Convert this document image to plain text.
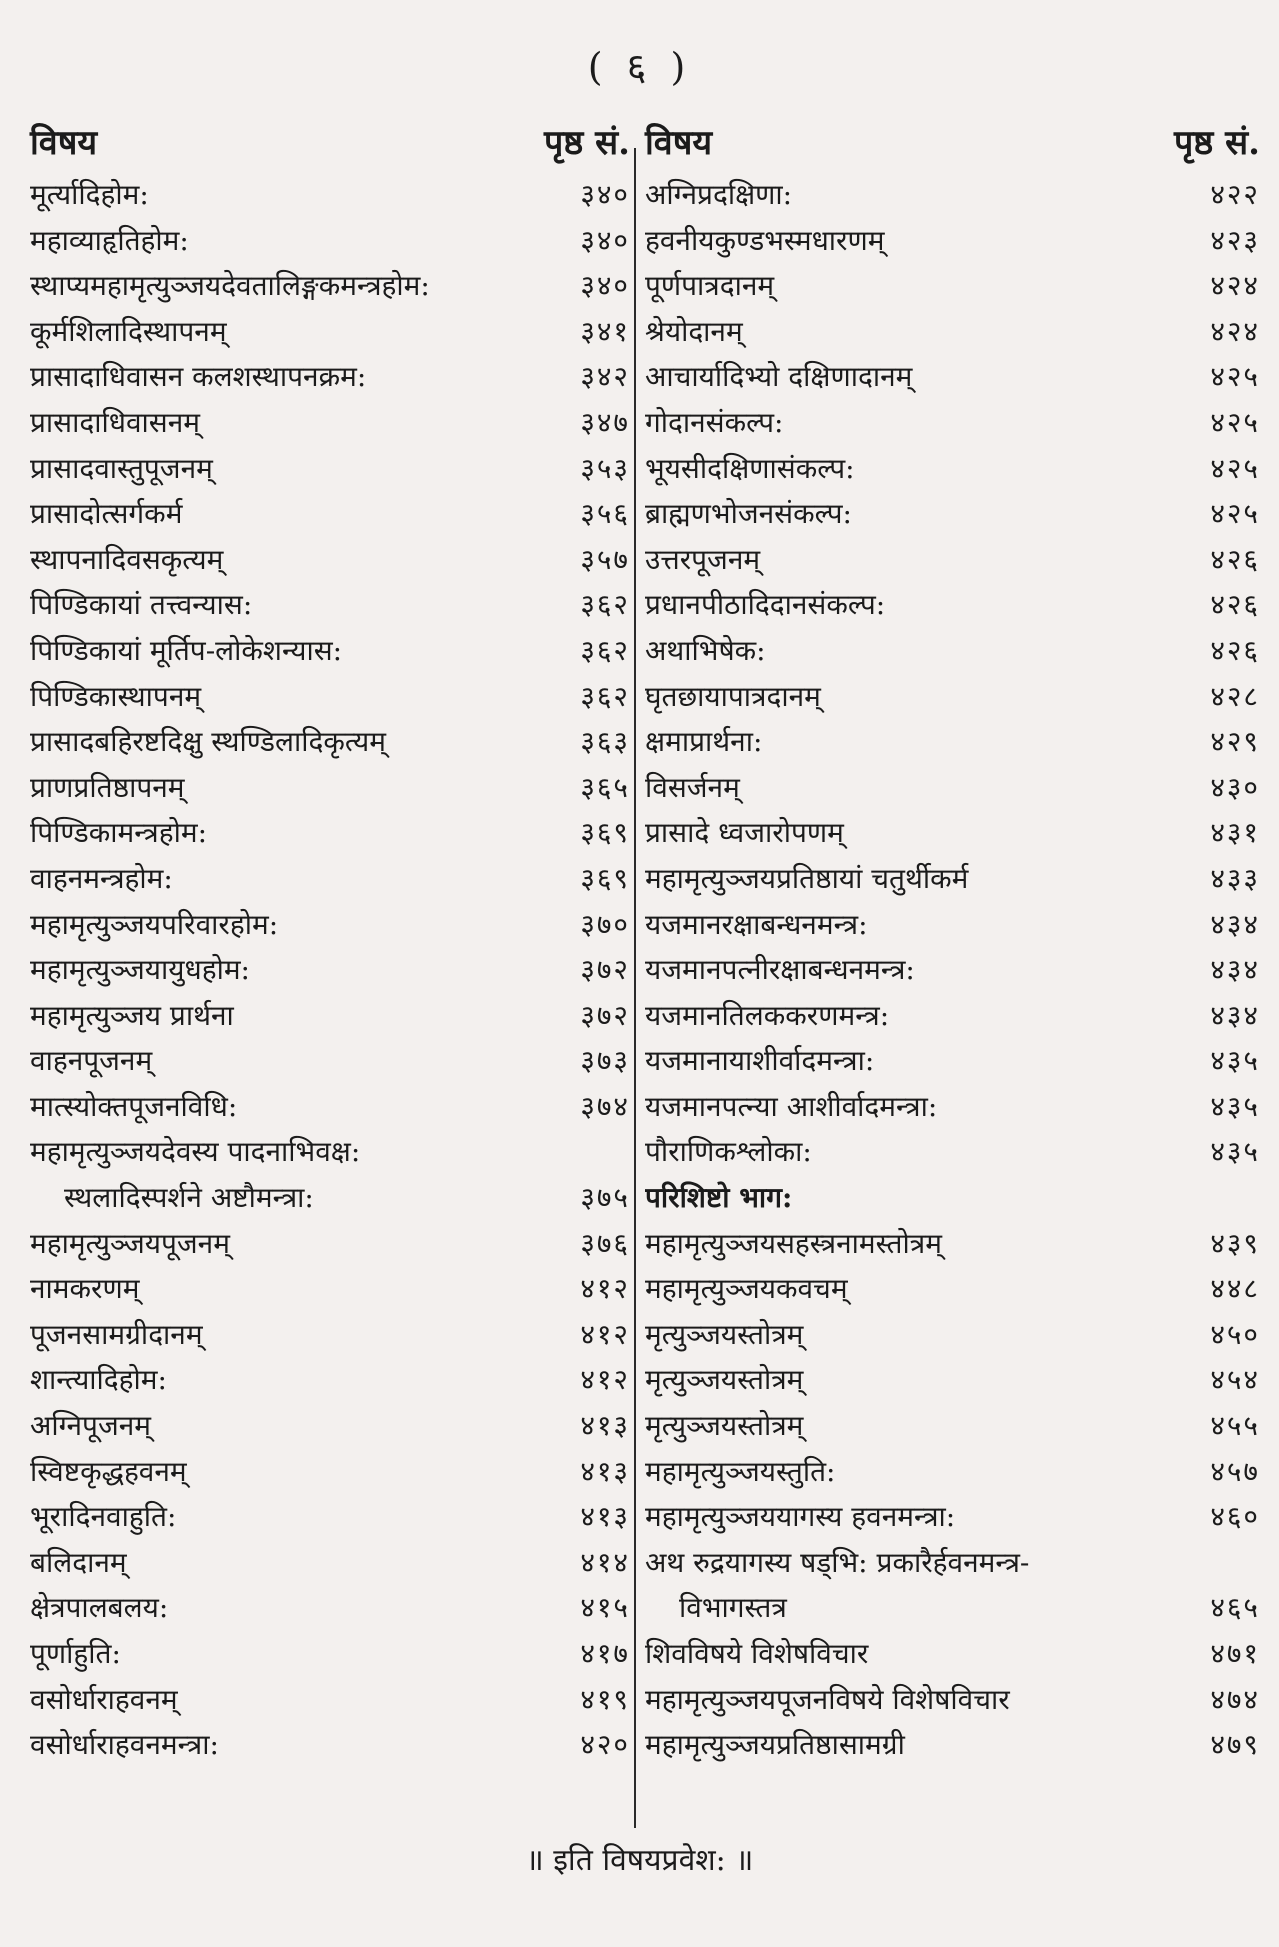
( ६ )
विषय	पृष्ठ सं.
मूर्त्यादिहोम:	३४०
महाव्याहृतिहोम:	३४०
स्थाप्यमहामृत्युञ्जयदेवतालिङ्गकमन्त्रहोम:	३४०
कूर्मशिलादिस्थापनम्	३४१
प्रासादाधिवासन कलशस्थापनक्रम:	३४२
प्रासादाधिवासनम्	३४७
प्रासादवास्तुपूजनम्	३५३
प्रासादोत्सर्गकर्म	३५६
स्थापनादिवसकृत्यम्	३५७
पिण्डिकायां तत्त्वन्यास:	३६२
पिण्डिकायां मूर्तिप-लोकेशन्यास:	३६२
पिण्डिकास्थापनम्	३६२
प्रासादबहिरष्टदिक्षु स्थण्डिलादिकृत्यम्	३६३
प्राणप्रतिष्ठापनम्	३६५
पिण्डिकामन्त्रहोम:	३६९
वाहनमन्त्रहोम:	३६९
महामृत्युञ्जयपरिवारहोम:	३७०
महामृत्युञ्जयायुधहोम:	३७२
महामृत्युञ्जय प्रार्थना	३७२
वाहनपूजनम्	३७३
मात्स्योक्तपूजनविधि:	३७४
महामृत्युञ्जयदेवस्य पादनाभिवक्ष:
स्थलादिस्पर्शने अष्टौमन्त्रा:	३७५
महामृत्युञ्जयपूजनम्	३७६
नामकरणम्	४१२
पूजनसामग्रीदानम्	४१२
शान्त्यादिहोम:	४१२
अग्निपूजनम्	४१३
स्विष्टकृद्धहवनम्	४१३
भूरादिनवाहुति:	४१३
बलिदानम्	४१४
क्षेत्रपालबलय:	४१५
पूर्णाहुति:	४१७
वसोर्धाराहवनम्	४१९
वसोर्धाराहवनमन्त्रा:	४२०
विषय	पृष्ठ सं.
अग्निप्रदक्षिणा:	४२२
हवनीयकुण्डभस्मधारणम्	४२३
पूर्णपात्रदानम्	४२४
श्रेयोदानम्	४२४
आचार्यादिभ्यो दक्षिणादानम्	४२५
गोदानसंकल्प:	४२५
भूयसीदक्षिणासंकल्प:	४२५
ब्राह्मणभोजनसंकल्प:	४२५
उत्तरपूजनम्	४२६
प्रधानपीठादिदानसंकल्प:	४२६
अथाभिषेक:	४२६
घृतछायापात्रदानम्	४२८
क्षमाप्रार्थना:	४२९
विसर्जनम्	४३०
प्रासादे ध्वजारोपणम्	४३१
महामृत्युञ्जयप्रतिष्ठायां चतुर्थीकर्म	४३३
यजमानरक्षाबन्धनमन्त्र:	४३४
यजमानपत्नीरक्षाबन्धनमन्त्र:	४३४
यजमानतिलककरणमन्त्र:	४३४
यजमानायाशीर्वादमन्त्रा:	४३५
यजमानपत्न्या आशीर्वादमन्त्रा:	४३५
पौराणिकश्लोका:	४३५
परिशिष्टो भाग:
महामृत्युञ्जयसहस्त्रनामस्तोत्रम्	४३९
महामृत्युञ्जयकवचम्	४४८
मृत्युञ्जयस्तोत्रम्	४५०
मृत्युञ्जयस्तोत्रम्	४५४
मृत्युञ्जयस्तोत्रम्	४५५
महामृत्युञ्जयस्तुति:	४५७
महामृत्युञ्जययागस्य हवनमन्त्रा:	४६०
अथ रुद्रयागस्य षड्भि: प्रकारैर्हवनमन्त्र-
विभागस्तत्र	४६५
शिवविषये विशेषविचार	४७१
महामृत्युञ्जयपूजनविषये विशेषविचार	४७४
महामृत्युञ्जयप्रतिष्ठासामग्री	४७९
॥ इति विषयप्रवेश: ॥
